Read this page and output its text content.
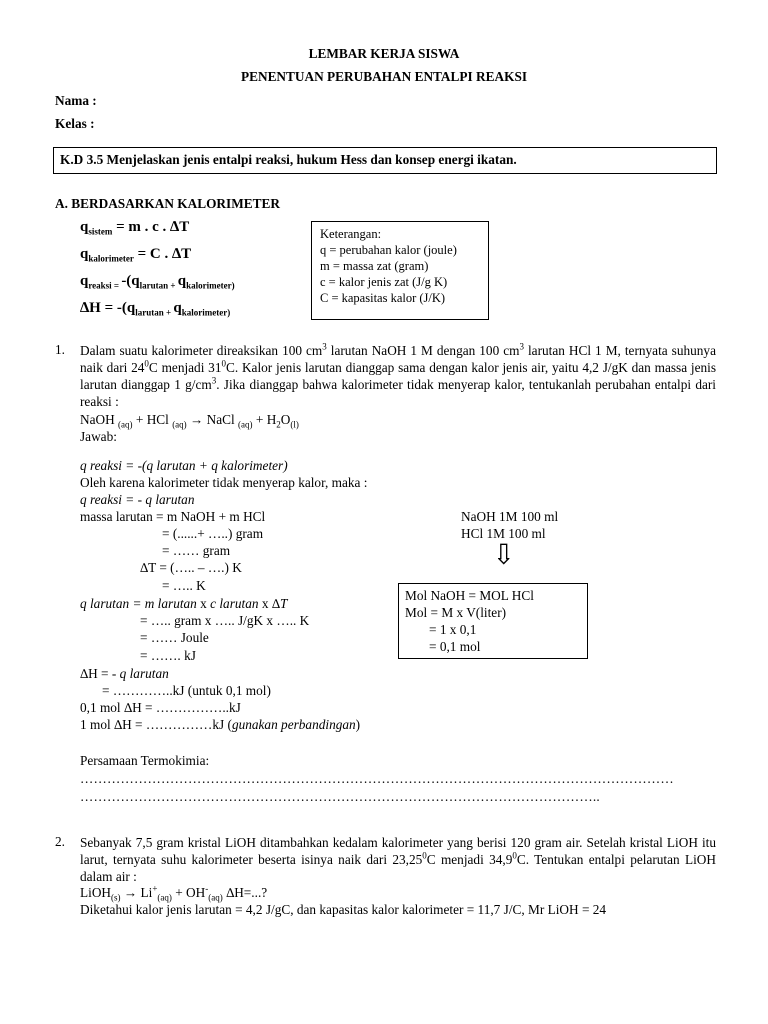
LEMBAR KERJA SISWA
PENENTUAN PERUBAHAN ENTALPI REAKSI
Nama :
Kelas :
K.D 3.5 Menjelaskan jenis entalpi reaksi, hukum Hess dan konsep energi ikatan.
A. BERDASARKAN KALORIMETER
$q_{sistem} = m$ . c . ∆T
$q_{kalorimeter} = C$ . ∆T
$q_{reaksi =}$ $-(q_{larutan +}$ $q_{kalorimeter)}$
$\Delta H = -(q_{larutan +}$ $q_{kalorimeter)}$
Keterangan:
q = perubahan kalor (joule)
m = massa zat (gram)
c = kalor jenis zat (J/g K)
C = kapasitas kalor (J/K)
1. Dalam suatu kalorimeter direaksikan 100 $cm^3$ larutan NaOH 1 M dengan 100 $cm^3$ larutan HCl 1 M, ternyata suhunya naik dari $24^0C$ menjadi $31^0C$. Kalor jenis larutan dianggap sama dengan kalor jenis air, yaitu 4,2 J/gK dan massa jenis larutan dianggap 1 $g/cm^3$. Jika dianggap bahwa kalorimeter tidak menyerap kalor, tentukanlah perubahan entalpi dari reaksi :
NaOH $_{(aq)}$ + HCl $_{(aq)}$ → NaCl $_{(aq)} + H_2O_{(l)}$
Jawab:
q reaksi = -(q larutan + q kalorimeter)
Oleh karena kalorimeter tidak menyerap kalor, maka :
q reaksi = - q larutan
massa larutan = m NaOH + m HCl
= (......+ …..) gram
= …… gram
∆T = (….. – ….) K
= ….. K
q larutan = m larutan x c larutan x ∆T
= ….. gram x ….. J/gK x ….. K
= …… Joule
= ……. kJ
∆H = - q larutan
= …………..kJ (untuk 0,1 mol)
0,1 mol ∆H = ……………..kJ
1 mol ∆H = ……………kJ (gunakan perbandingan)
Persamaan Termokimia:
……………………………………………………………………………………………………………………
……………………………………………………………………………………………………..
NaOH 1M 100 ml
HCl 1M 100 ml
⇩
Mol NaOH = MOL HCl
Mol = M x V(liter)
= 1 x 0,1
= 0,1 mol
2. Sebanyak 7,5 gram kristal LiOH ditambahkan kedalam kalorimeter yang berisi 120 gram air. Setelah kristal LiOH itu larut, ternyata suhu kalorimeter beserta isinya naik dari 23,25$^0$C menjadi 34,9$^0$C. Tentukan entalpi pelarutan LiOH dalam air :
LiOH$_{(s)}$ → $Li^+_{(aq)} + OH^-_{(aq)}$ ∆H=...?
Diketahui kalor jenis larutan = 4,2 J/gC, dan kapasitas kalor kalorimeter = 11,7 J/C, Mr LiOH = 24
